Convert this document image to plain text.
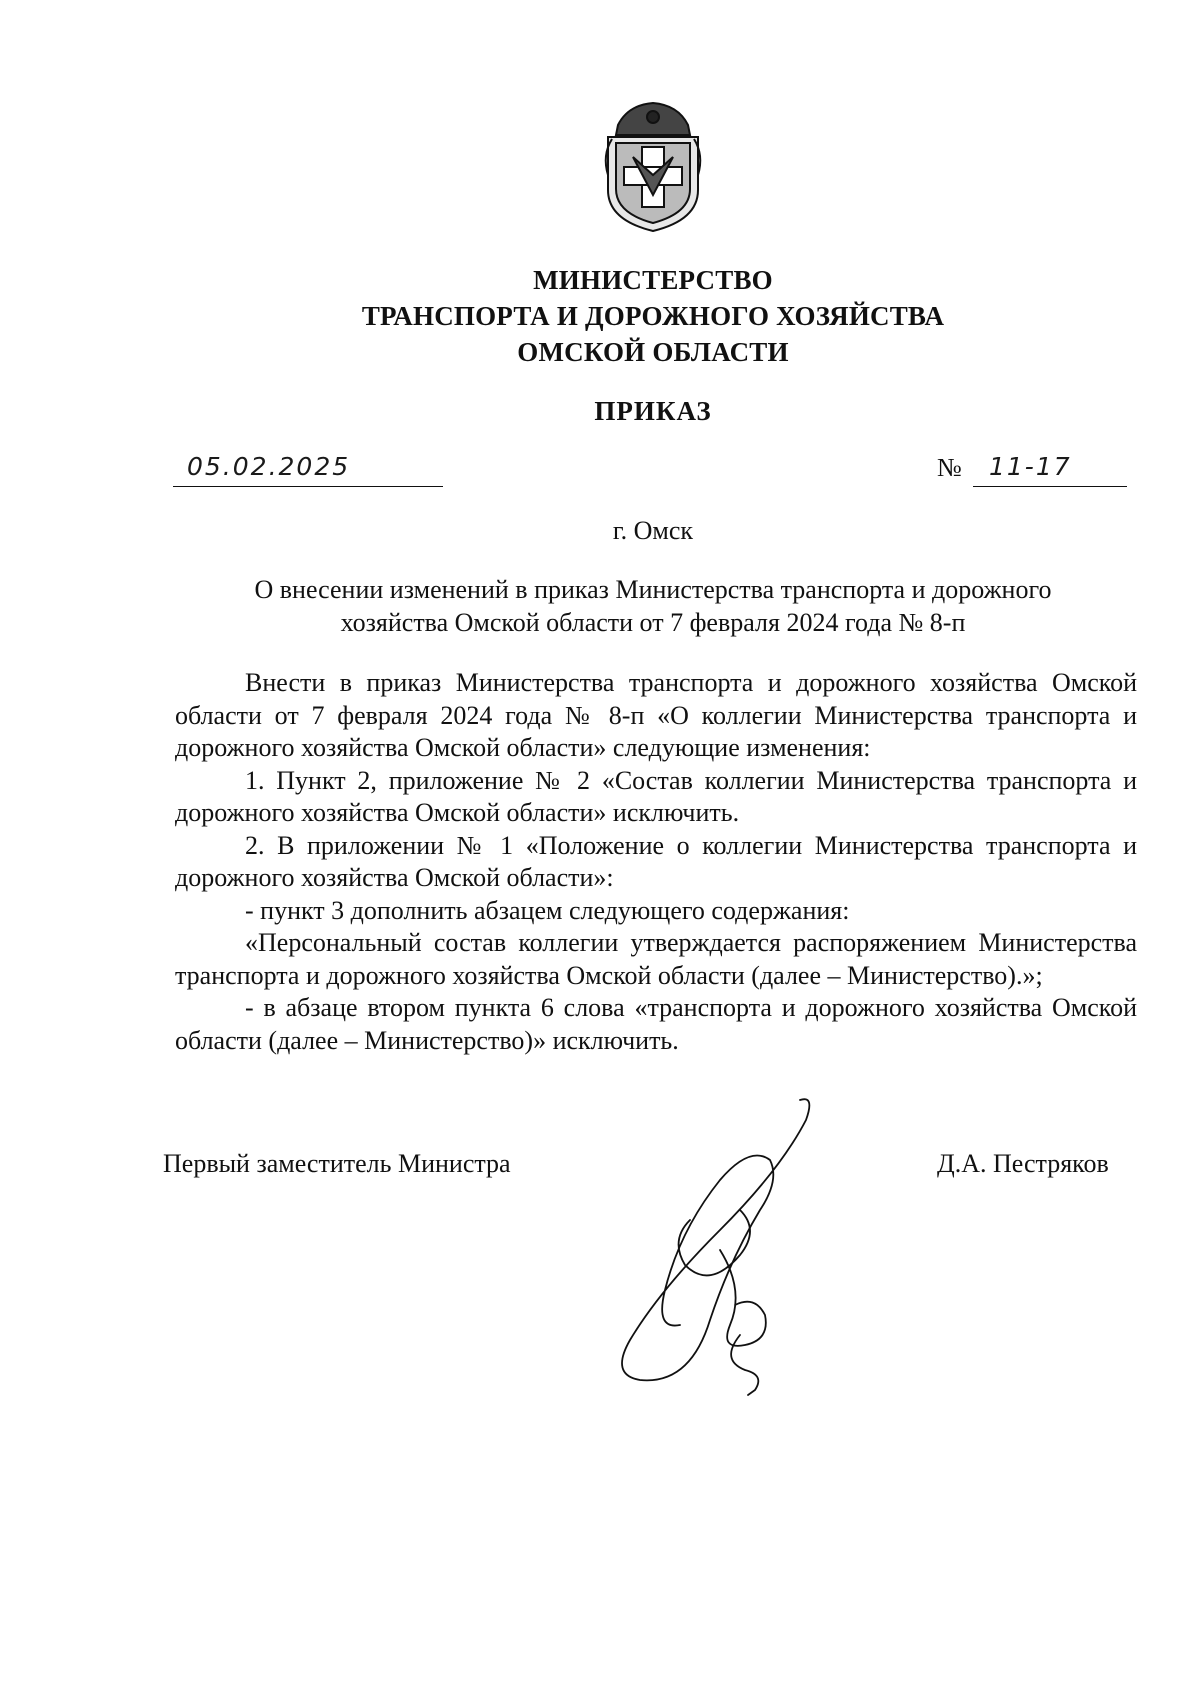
МИНИСТЕРСТВО
ТРАНСПОРТА И ДОРОЖНОГО ХОЗЯЙСТВА
ОМСКОЙ ОБЛАСТИ
ПРИКАЗ
05.02.2025	№ 11-17
г. Омск
О внесении изменений в приказ Министерства транспорта и дорожного
хозяйства Омской области от 7 февраля 2024 года № 8-п

Внести в приказ Министерства транспорта и дорожного хозяйства Омской области от 7 февраля 2024 года № 8-п «О коллегии Министерства транспорта и дорожного хозяйства Омской области» следующие изменения:

1. Пункт 2, приложение № 2 «Состав коллегии Министерства транспорта и дорожного хозяйства Омской области» исключить.

2. В приложении № 1 «Положение о коллегии Министерства транспорта и дорожного хозяйства Омской области»:

- пункт 3 дополнить абзацем следующего содержания:

«Персональный состав коллегии утверждается распоряжением Министерства транспорта и дорожного хозяйства Омской области (далее – Министерство).»;

- в абзаце втором пункта 6 слова «транспорта и дорожного хозяйства Омской области (далее – Министерство)» исключить.

Первый заместитель Министра	Д.А. Пестряков
